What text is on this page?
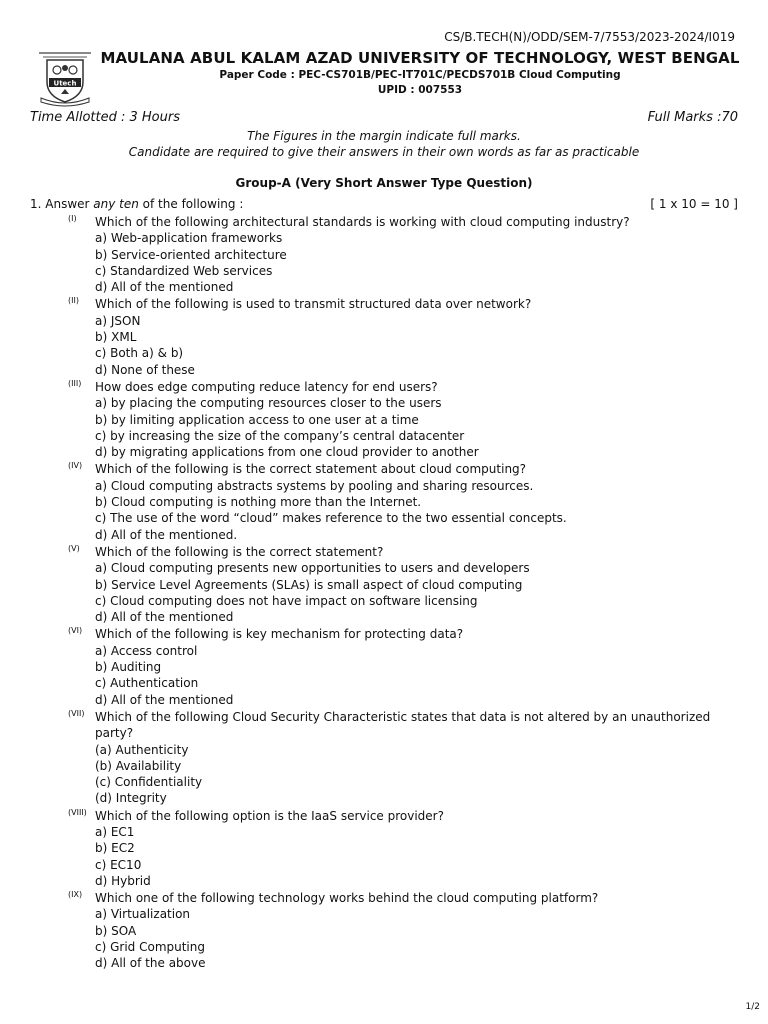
CS/B.TECH(N)/ODD/SEM-7/7553/2023-2024/I019
Utech
MAULANA ABUL KALAM AZAD UNIVERSITY OF TECHNOLOGY, WEST BENGAL
Paper Code : PEC-CS701B/PEC-IT701C/PECDS701B Cloud Computing
UPID : 007553
Time Allotted : 3 Hours	Full Marks :70
The Figures in the margin indicate full marks.
Candidate are required to give their answers in their own words as far as practicable
Group-A (Very Short Answer Type Question)
1. Answer any ten of the following :	[ 1 x 10 = 10 ]
(I) Which of the following architectural standards is working with cloud computing industry?
a) Web-application frameworks
b) Service-oriented architecture
c) Standardized Web services
d) All of the mentioned
(II) Which of the following is used to transmit structured data over network?
a) JSON
b) XML
c) Both a) & b)
d) None of these
(III) How does edge computing reduce latency for end users?
a) by placing the computing resources closer to the users
b) by limiting application access to one user at a time
c) by increasing the size of the company’s central datacenter
d) by migrating applications from one cloud provider to another
(IV) Which of the following is the correct statement about cloud computing?
a) Cloud computing abstracts systems by pooling and sharing resources.
b) Cloud computing is nothing more than the Internet.
c) The use of the word “cloud” makes reference to the two essential concepts.
d) All of the mentioned.
(V) Which of the following is the correct statement?
a) Cloud computing presents new opportunities to users and developers
b) Service Level Agreements (SLAs) is small aspect of cloud computing
c) Cloud computing does not have impact on software licensing
d) All of the mentioned
(VI) Which of the following is key mechanism for protecting data?
a) Access control
b) Auditing
c) Authentication
d) All of the mentioned
(VII) Which of the following Cloud Security Characteristic states that data is not altered by an unauthorized party?
(a) Authenticity
(b) Availability
(c) Confidentiality
(d) Integrity
(VIII) Which of the following option is the IaaS service provider?
a) EC1
b) EC2
c) EC10
d) Hybrid
(IX) Which one of the following technology works behind the cloud computing platform?
a) Virtualization
b) SOA
c) Grid Computing
d) All of the above
1/2
